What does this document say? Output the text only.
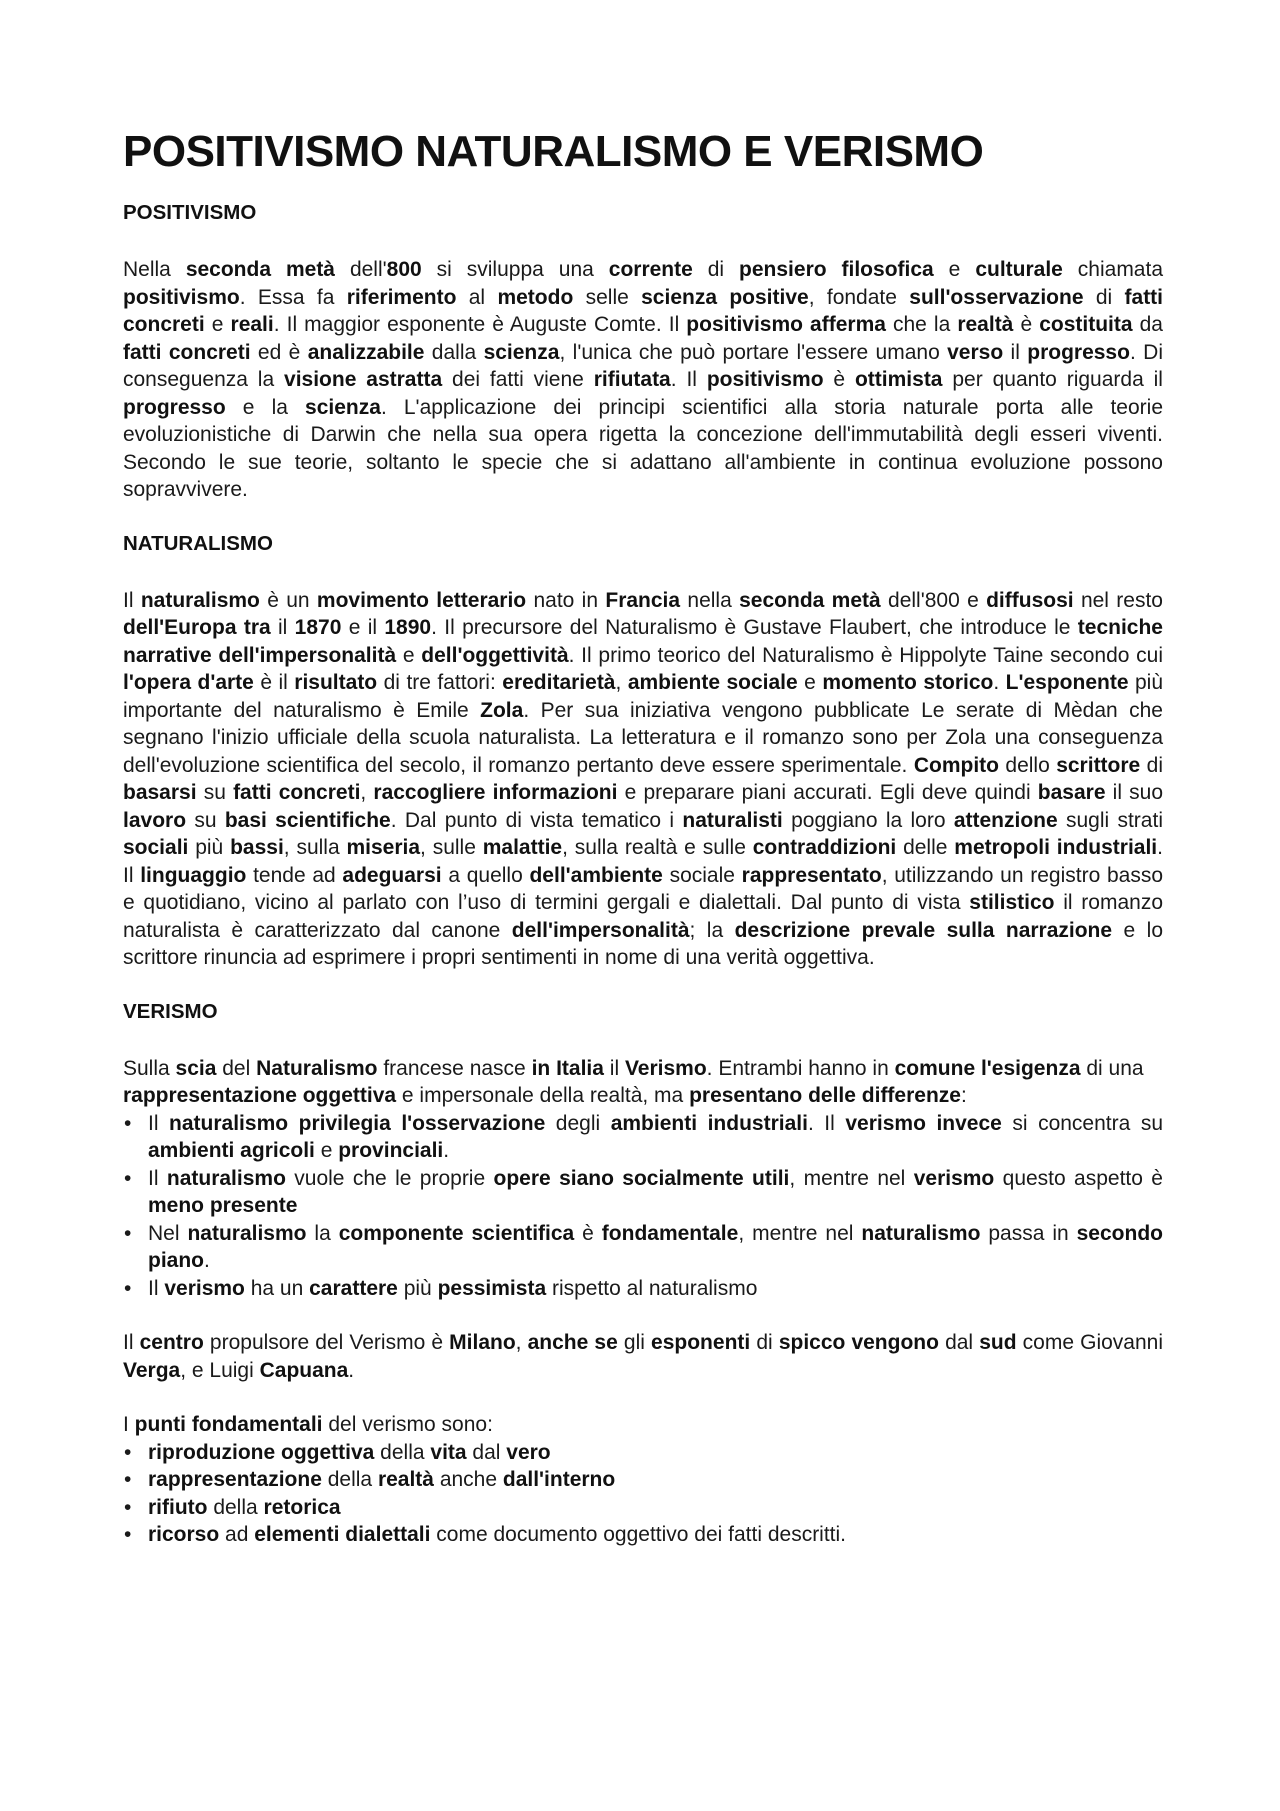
POSITIVISMO NATURALISMO E VERISMO
POSITIVISMO

Nella seconda metà dell'800 si sviluppa una corrente di pensiero filosofica e culturale chiamata positivismo. Essa fa riferimento al metodo selle scienza positive, fondate sull'osservazione di fatti concreti e reali. Il maggior esponente è Auguste Comte. Il positivismo afferma che la realtà è costituita da fatti concreti ed è analizzabile dalla scienza, l'unica che può portare l'essere umano verso il progresso. Di conseguenza la visione astratta dei fatti viene rifiutata. Il positivismo è ottimista per quanto riguarda il progresso e la scienza. L'applicazione dei principi scientifici alla storia naturale porta alle teorie evoluzionistiche di Darwin che nella sua opera rigetta la concezione dell'immutabilità degli esseri viventi. Secondo le sue teorie, soltanto le specie che si adattano all'ambiente in continua evoluzione possono sopravvivere.

NATURALISMO

Il naturalismo è un movimento letterario nato in Francia nella seconda metà dell'800 e diffusosi nel resto dell'Europa tra il 1870 e il 1890. Il precursore del Naturalismo è Gustave Flaubert, che introduce le tecniche narrative dell'impersonalità e dell'oggettività. Il primo teorico del Naturalismo è Hippolyte Taine secondo cui l'opera d'arte è il risultato di tre fattori: ereditarietà, ambiente sociale e momento storico. L'esponente più importante del naturalismo è Emile Zola. Per sua iniziativa vengono pubblicate Le serate di Mèdan che segnano l'inizio ufficiale della scuola naturalista. La letteratura e il romanzo sono per Zola una conseguenza dell'evoluzione scientifica del secolo, il romanzo pertanto deve essere sperimentale. Compito dello scrittore di basarsi su fatti concreti, raccogliere informazioni e preparare piani accurati. Egli deve quindi basare il suo lavoro su basi scientifiche. Dal punto di vista tematico i naturalisti poggiano la loro attenzione sugli strati sociali più bassi, sulla miseria, sulle malattie, sulla realtà e sulle contraddizioni delle metropoli industriali. Il linguaggio tende ad adeguarsi a quello dell'ambiente sociale rappresentato, utilizzando un registro basso e quotidiano, vicino al parlato con l’uso di termini gergali e dialettali. Dal punto di vista stilistico il romanzo naturalista è caratterizzato dal canone dell'impersonalità; la descrizione prevale sulla narrazione e lo scrittore rinuncia ad esprimere i propri sentimenti in nome di una verità oggettiva.

VERISMO

Sulla scia del Naturalismo francese nasce in Italia il Verismo. Entrambi hanno in comune l'esigenza di una rappresentazione oggettiva e impersonale della realtà, ma presentano delle differenze:

• Il naturalismo privilegia l'osservazione degli ambienti industriali. Il verismo invece si concentra su ambienti agricoli e provinciali.
• Il naturalismo vuole che le proprie opere siano socialmente utili, mentre nel verismo questo aspetto è meno presente
• Nel naturalismo la componente scientifica è fondamentale, mentre nel naturalismo passa in secondo piano.
• Il verismo ha un carattere più pessimista rispetto al naturalismo

Il centro propulsore del Verismo è Milano, anche se gli esponenti di spicco vengono dal sud come Giovanni Verga, e Luigi Capuana.

I punti fondamentali del verismo sono:

• riproduzione oggettiva della vita dal vero
• rappresentazione della realtà anche dall'interno
• rifiuto della retorica
• ricorso ad elementi dialettali come documento oggettivo dei fatti descritti.
